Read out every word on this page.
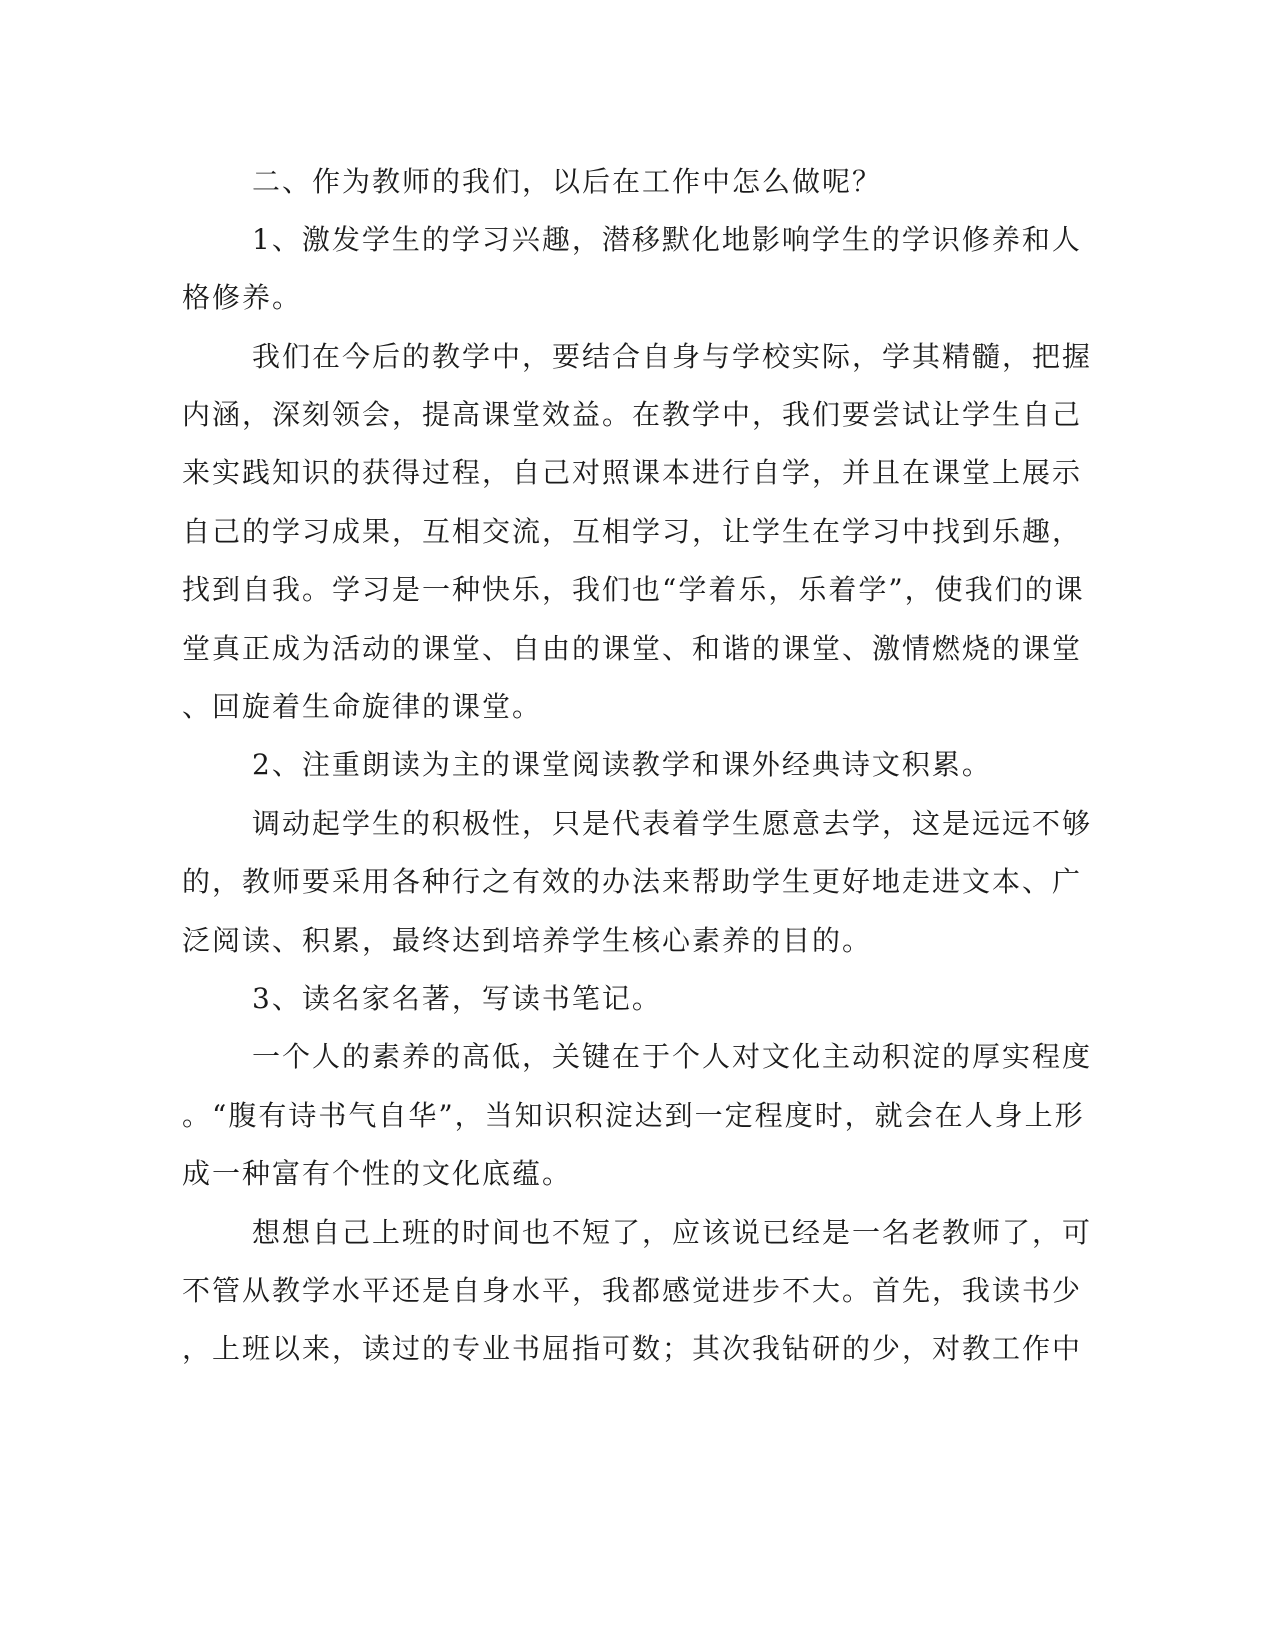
二、作为教师的我们，以后在工作中怎么做呢？

1、激发学生的学习兴趣，潜移默化地影响学生的学识修养和人

格修养。

我们在今后的教学中，要结合自身与学校实际，学其精髓，把握

内涵，深刻领会，提高课堂效益。在教学中，我们要尝试让学生自己

来实践知识的获得过程，自己对照课本进行自学，并且在课堂上展示

自己的学习成果，互相交流，互相学习，让学生在学习中找到乐趣，

找到自我。学习是一种快乐，我们也“学着乐，乐着学”，使我们的课

堂真正成为活动的课堂、自由的课堂、和谐的课堂、激情燃烧的课堂

、回旋着生命旋律的课堂。

2、注重朗读为主的课堂阅读教学和课外经典诗文积累。

调动起学生的积极性，只是代表着学生愿意去学，这是远远不够

的，教师要采用各种行之有效的办法来帮助学生更好地走进文本、广

泛阅读、积累，最终达到培养学生核心素养的目的。

3、读名家名著，写读书笔记。

一个人的素养的高低，关键在于个人对文化主动积淀的厚实程度

。“腹有诗书气自华”，当知识积淀达到一定程度时，就会在人身上形

成一种富有个性的文化底蕴。

想想自己上班的时间也不短了，应该说已经是一名老教师了，可

不管从教学水平还是自身水平，我都感觉进步不大。首先，我读书少

，上班以来，读过的专业书屈指可数；其次我钻研的少，对教工作中
